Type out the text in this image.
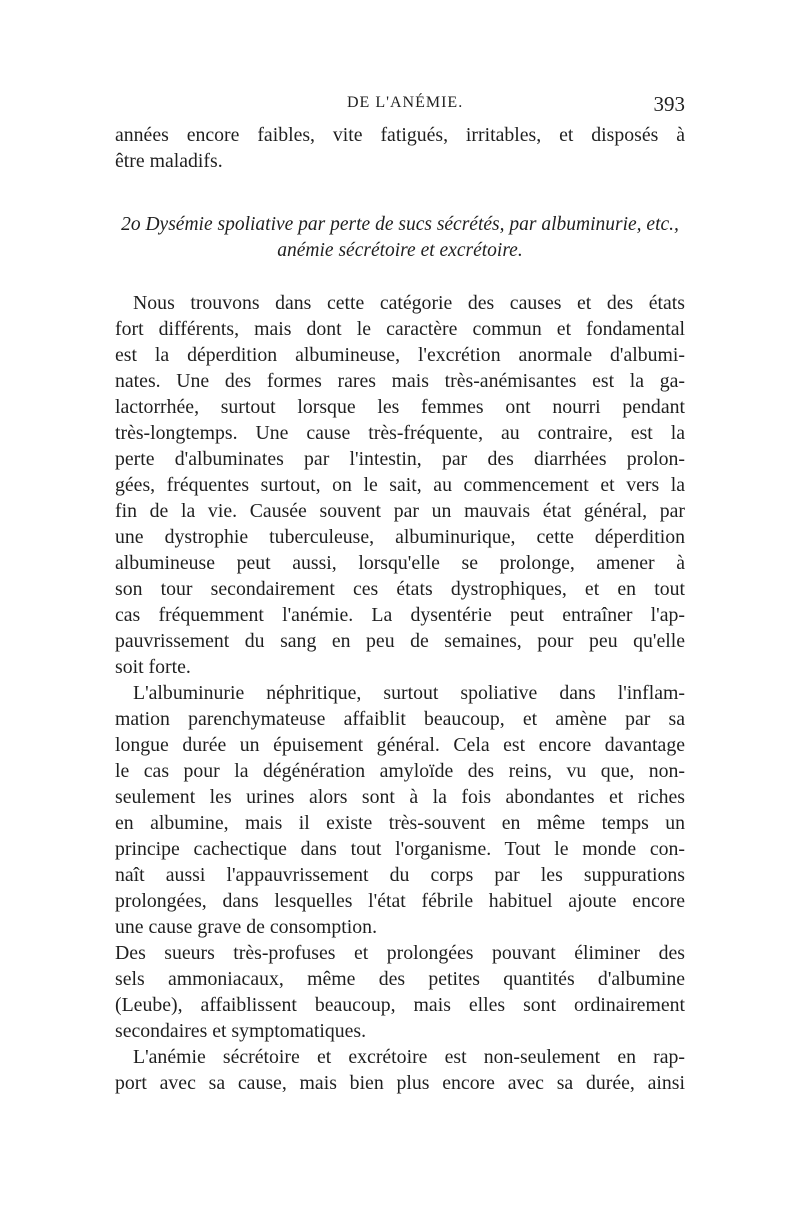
DE L'ANÉMIE.	393

années encore faibles, vite fatigués, irritables, et disposés à
être maladifs.

2o Dysémie spoliative par perte de sucs sécrétés, par albuminurie, etc.,
anémie sécrétoire et excrétoire.

Nous trouvons dans cette catégorie des causes et des états
fort différents, mais dont le caractère commun et fondamental
est la déperdition albumineuse, l'excrétion anormale d'albumi-
nates. Une des formes rares mais très-anémisantes est la ga-
lactorrhée, surtout lorsque les femmes ont nourri pendant
très-longtemps. Une cause très-fréquente, au contraire, est la
perte d'albuminates par l'intestin, par des diarrhées prolon-
gées, fréquentes surtout, on le sait, au commencement et vers la
fin de la vie. Causée souvent par un mauvais état général, par
une dystrophie tuberculeuse, albuminurique, cette déperdition
albumineuse peut aussi, lorsqu'elle se prolonge, amener à
son tour secondairement ces états dystrophiques, et en tout
cas fréquemment l'anémie. La dysentérie peut entraîner l'ap-
pauvrissement du sang en peu de semaines, pour peu qu'elle
soit forte.

L'albuminurie néphritique, surtout spoliative dans l'inflam-
mation parenchymateuse affaiblit beaucoup, et amène par sa
longue durée un épuisement général. Cela est encore davantage
le cas pour la dégénération amyloïde des reins, vu que, non-
seulement les urines alors sont à la fois abondantes et riches
en albumine, mais il existe très-souvent en même temps un
principe cachectique dans tout l'organisme. Tout le monde con-
naît aussi l'appauvrissement du corps par les suppurations
prolongées, dans lesquelles l'état fébrile habituel ajoute encore
une cause grave de consomption.

Des sueurs très-profuses et prolongées pouvant éliminer des
sels ammoniacaux, même des petites quantités d'albumine
(Leube), affaiblissent beaucoup, mais elles sont ordinairement
secondaires et symptomatiques.

L'anémie sécrétoire et excrétoire est non-seulement en rap-
port avec sa cause, mais bien plus encore avec sa durée, ainsi
